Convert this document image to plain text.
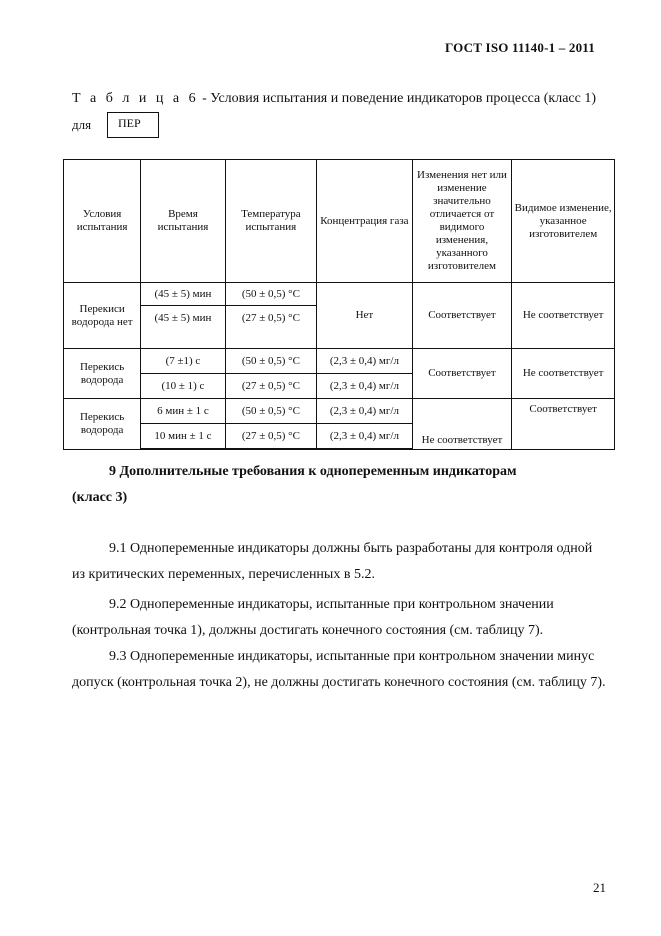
ГОСТ ISO 11140-1 – 2011
Т а б л и ц а 6 - Условия испытания и поведение индикаторов процесса (класс 1)
для	ПЕР
Условия испытания	Время испытания	Температура испытания	Концентрация газа	Изменения нет или изменение значительно отличается от видимого изменения, указанного изготовителем	Видимое изменение, указанное изготовителем
Перекиси водорода нет	(45 ± 5) мин	(50 ± 0,5) °C	Нет	Соответствует	Не соответствует
	(45 ± 5) мин	(27 ± 0,5) °C			
Перекись водорода	(7 ±1) с	(50 ± 0,5) °C	(2,3 ± 0,4) мг/л	Соответствует	Не соответствует
	(10 ± 1) с	(27 ± 0,5) °C	(2,3 ± 0,4) мг/л		
Перекись водорода	6 мин ± 1 с	(50 ± 0,5) °C	(2,3 ± 0,4) мг/л	Не соответствует	Соответствует
	10 мин ± 1 с	(27 ± 0,5) °C	(2,3 ± 0,4) мг/л		
9 Дополнительные требования к однопеременным индикаторам
(класс 3)
9.1 Однопеременные индикаторы должны быть разработаны для контроля одной из критических переменных, перечисленных в 5.2.
9.2 Однопеременные индикаторы, испытанные при контрольном значении (контрольная точка 1), должны достигать конечного состояния (см. таблицу 7).
9.3 Однопеременные индикаторы, испытанные при контрольном значении минус допуск (контрольная точка 2), не должны достигать конечного состояния (см. таблицу 7).
21
